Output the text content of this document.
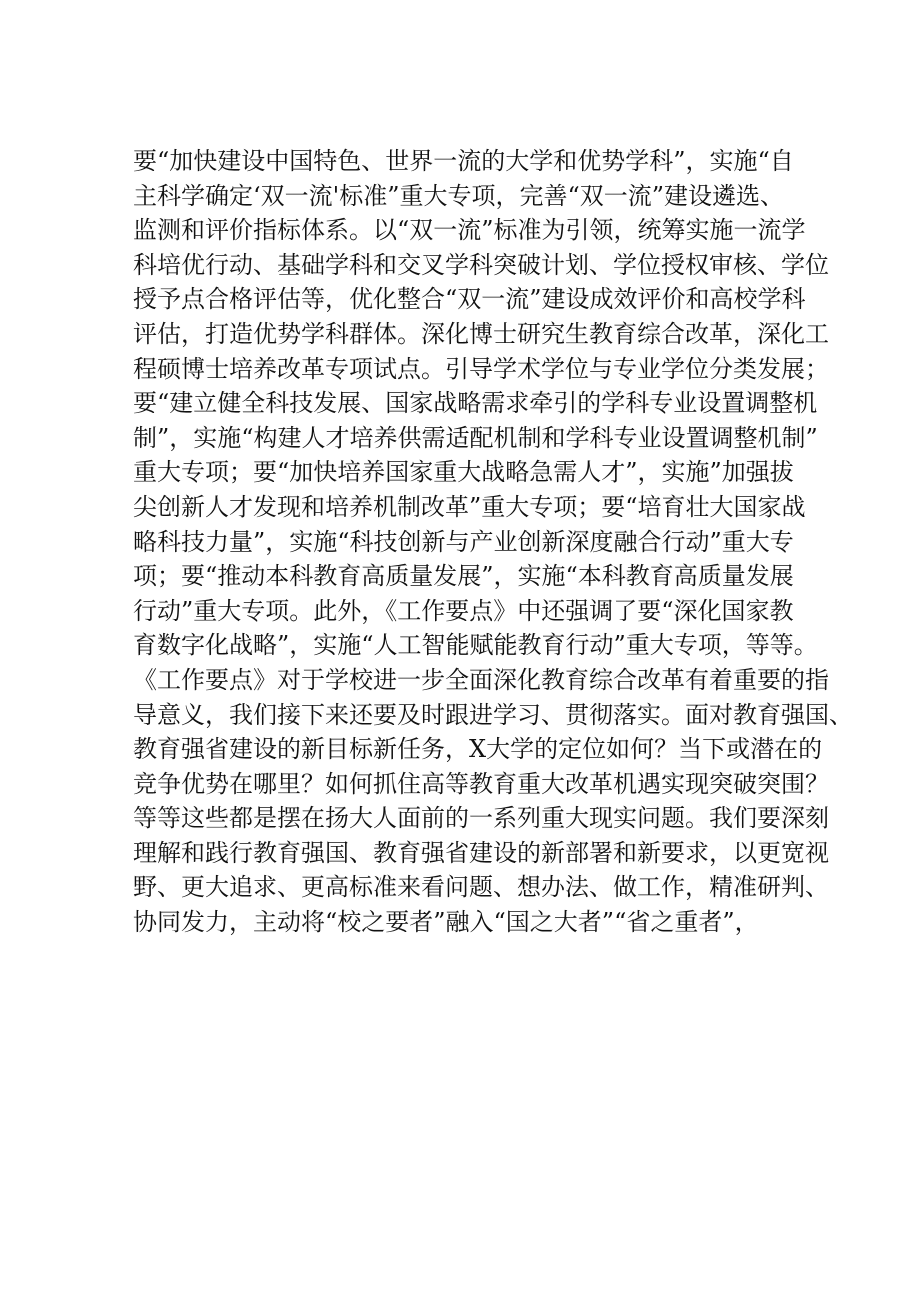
要“加快建设中国特色、世界一流的大学和优势学科”，实施“自
主科学确定‘双一流'标准”重大专项，完善“双一流”建设遴选、
监测和评价指标体系。以“双一流”标准为引领，统筹实施一流学
科培优行动、基础学科和交叉学科突破计划、学位授权审核、学位
授予点合格评估等，优化整合“双一流”建设成效评价和高校学科
评估，打造优势学科群体。深化博士研究生教育综合改革，深化工
程硕博士培养改革专项试点。引导学术学位与专业学位分类发展；
要“建立健全科技发展、国家战略需求牵引的学科专业设置调整机
制”，实施“构建人才培养供需适配机制和学科专业设置调整机制”
重大专项；要“加快培养国家重大战略急需人才”，实施”加强拔
尖创新人才发现和培养机制改革”重大专项；要“培育壮大国家战
略科技力量”，实施“科技创新与产业创新深度融合行动”重大专
项；要“推动本科教育高质量发展”，实施“本科教育高质量发展
行动”重大专项。此外，《工作要点》中还强调了要“深化国家教
育数字化战略”，实施“人工智能赋能教育行动”重大专项，等等。
《工作要点》对于学校进一步全面深化教育综合改革有着重要的指
导意义，我们接下来还要及时跟进学习、贯彻落实。面对教育强国、
教育强省建设的新目标新任务，X大学的定位如何？当下或潜在的
竞争优势在哪里？如何抓住高等教育重大改革机遇实现突破突围？
等等这些都是摆在扬大人面前的一系列重大现实问题。我们要深刻
理解和践行教育强国、教育强省建设的新部署和新要求，以更宽视
野、更大追求、更高标准来看问题、想办法、做工作，精准研判、
协同发力，主动将“校之要者”融入“国之大者”“省之重者”，
